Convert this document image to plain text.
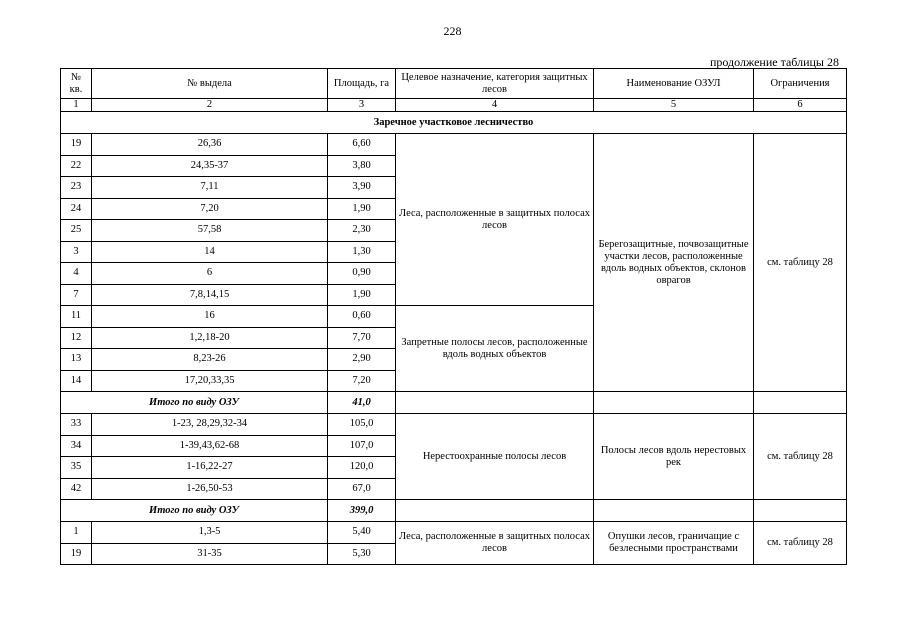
228
продолжение таблицы 28
№ кв.	№ выдела	Площадь, га	Целевое назначение, категория защитных лесов	Наименование ОЗУЛ	Ограничения
1	2	3	4	5	6
Заречное участковое лесничество					
19	26,36	6,60	Леса, расположенные в защитных полосах лесов	Берегозащитные, почвозащитные участки лесов, расположенные вдоль водных объектов, склонов оврагов	см. таблицу 28
22	24,35-37	3,80			
23	7,11	3,90			
24	7,20	1,90			
25	57,58	2,30			
3	14	1,30			
4	6	0,90			
7	7,8,14,15	1,90			
11	16	0,60	Запретные полосы лесов, расположенные вдоль водных объектов		
12	1,2,18-20	7,70			
13	8,23-26	2,90			
14	17,20,33,35	7,20			
Итого по виду ОЗУ		41,0			
33	1-23, 28,29,32-34	105,0	Нерестоохранные полосы лесов	Полосы лесов вдоль нерестовых рек	см. таблицу 28
34	1-39,43,62-68	107,0			
35	1-16,22-27	120,0			
42	1-26,50-53	67,0			
Итого по виду ОЗУ		399,0			
1	1,3-5	5,40	Леса, расположенные в защитных полосах лесов	Опушки лесов, граничащие с безлесными пространствами	см. таблицу 28
19	31-35	5,30			
